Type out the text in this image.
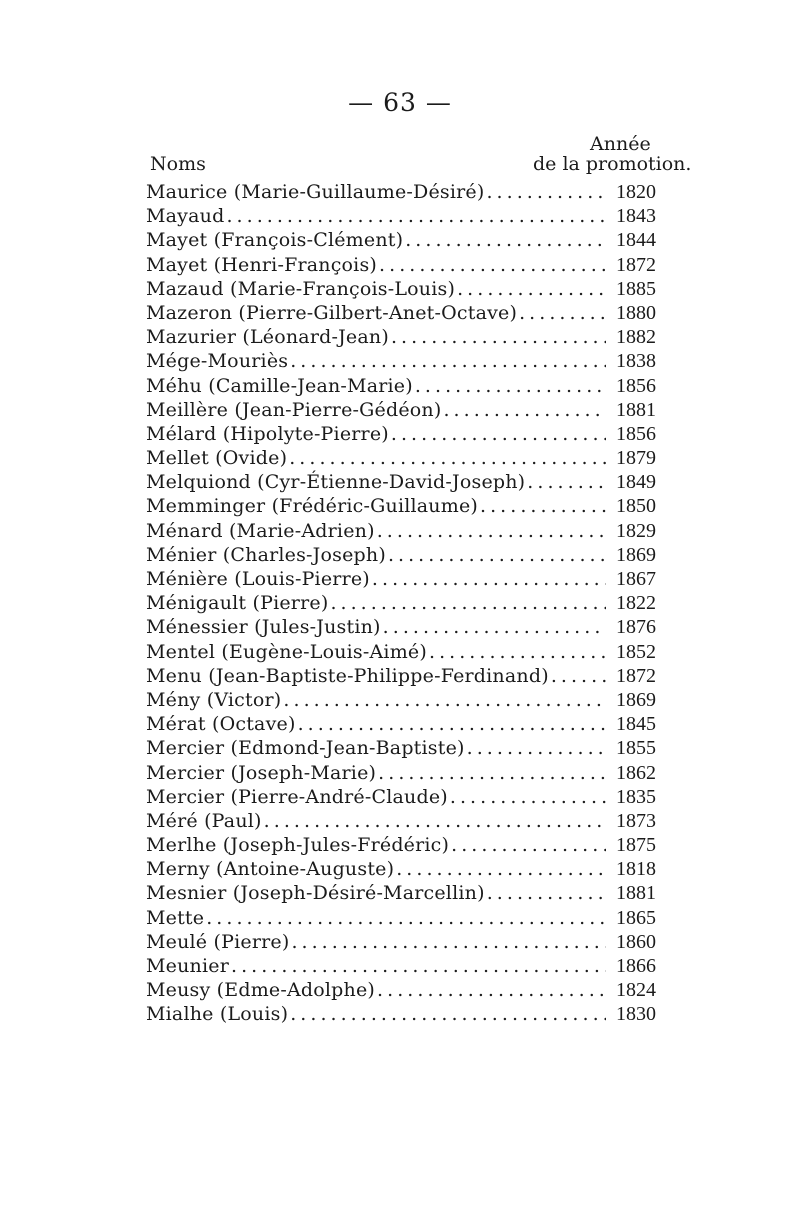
— 63 —
Année
Noms	de la promotion.
Maurice (Marie-Guillaume-Désiré) . . .	1820
Mayaud . . .	1843
Mayet (François-Clément) . . .	1844
Mayet (Henri-François) . . .	1872
Mazaud (Marie-François-Louis) . . .	1885
Mazeron (Pierre-Gilbert-Anet-Octave) . . .	1880
Mazurier (Léonard-Jean) . . .	1882
Mége-Mouriès . . .	1838
Méhu (Camille-Jean-Marie) . . .	1856
Meillère (Jean-Pierre-Gédéon) . . .	1881
Mélard (Hipolyte-Pierre) . . .	1856
Mellet (Ovide) . . .	1879
Melquiond (Cyr-Étienne-David-Joseph) . . .	1849
Memminger (Frédéric-Guillaume) . . .	1850
Ménard (Marie-Adrien) . . .	1829
Ménier (Charles-Joseph) . . .	1869
Ménière (Louis-Pierre) . . .	1867
Ménigault (Pierre) . . .	1822
Ménessier (Jules-Justin) . . .	1876
Mentel (Eugène-Louis-Aimé) . . .	1852
Menu (Jean-Baptiste-Philippe-Ferdinand) . . .	1872
Mény (Victor) . . .	1869
Mérat (Octave) . . .	1845
Mercier (Edmond-Jean-Baptiste) . . .	1855
Mercier (Joseph-Marie) . . .	1862
Mercier (Pierre-André-Claude) . . .	1835
Méré (Paul) . . .	1873
Merlhe (Joseph-Jules-Frédéric) . . .	1875
Merny (Antoine-Auguste) . . .	1818
Mesnier (Joseph-Désiré-Marcellin) . . .	1881
Mette . . .	1865
Meulé (Pierre) . . .	1860
Meunier . . .	1866
Meusy (Edme-Adolphe) . . .	1824
Mialhe (Louis) . . .	1830
